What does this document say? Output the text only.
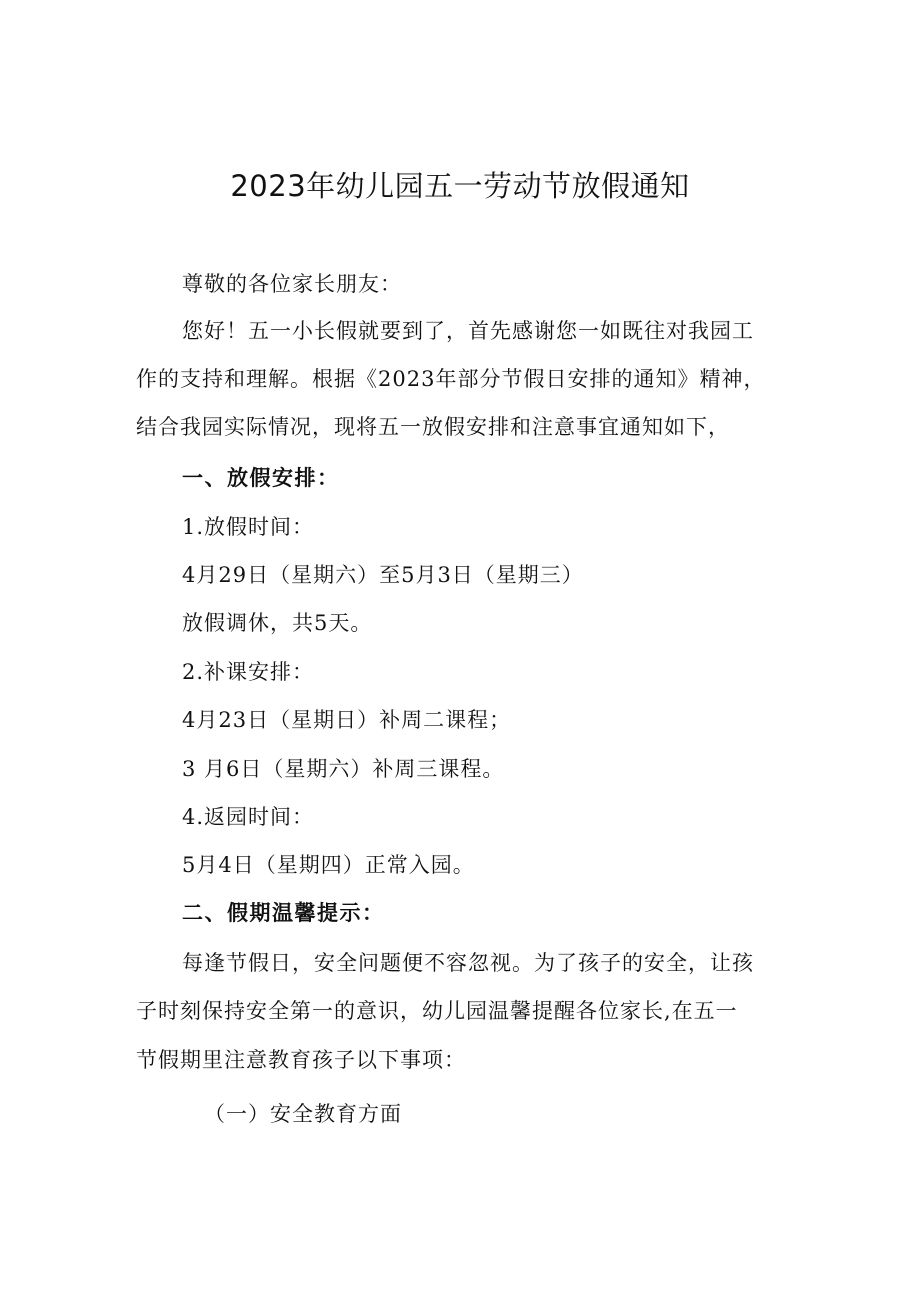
2023年幼儿园五一劳动节放假通知

尊敬的各位家长朋友：

您好！五一小长假就要到了，首先感谢您一如既往对我园工

作的支持和理解。根据《2023年部分节假日安排的通知》精神，

结合我园实际情况，现将五一放假安排和注意事宜通知如下，

一、放假安排：

1.放假时间：

4月29日（星期六）至5月3日（星期三）

放假调休，共5天。

2.补课安排：

4月23日（星期日）补周二课程；

3 月6日（星期六）补周三课程。

4.返园时间：

5月4日（星期四）正常入园。

二、假期温馨提示：

每逢节假日，安全问题便不容忽视。为了孩子的安全，让孩

子时刻保持安全第一的意识，幼儿园温馨提醒各位家长,在五一

节假期里注意教育孩子以下事项：

（一）安全教育方面
